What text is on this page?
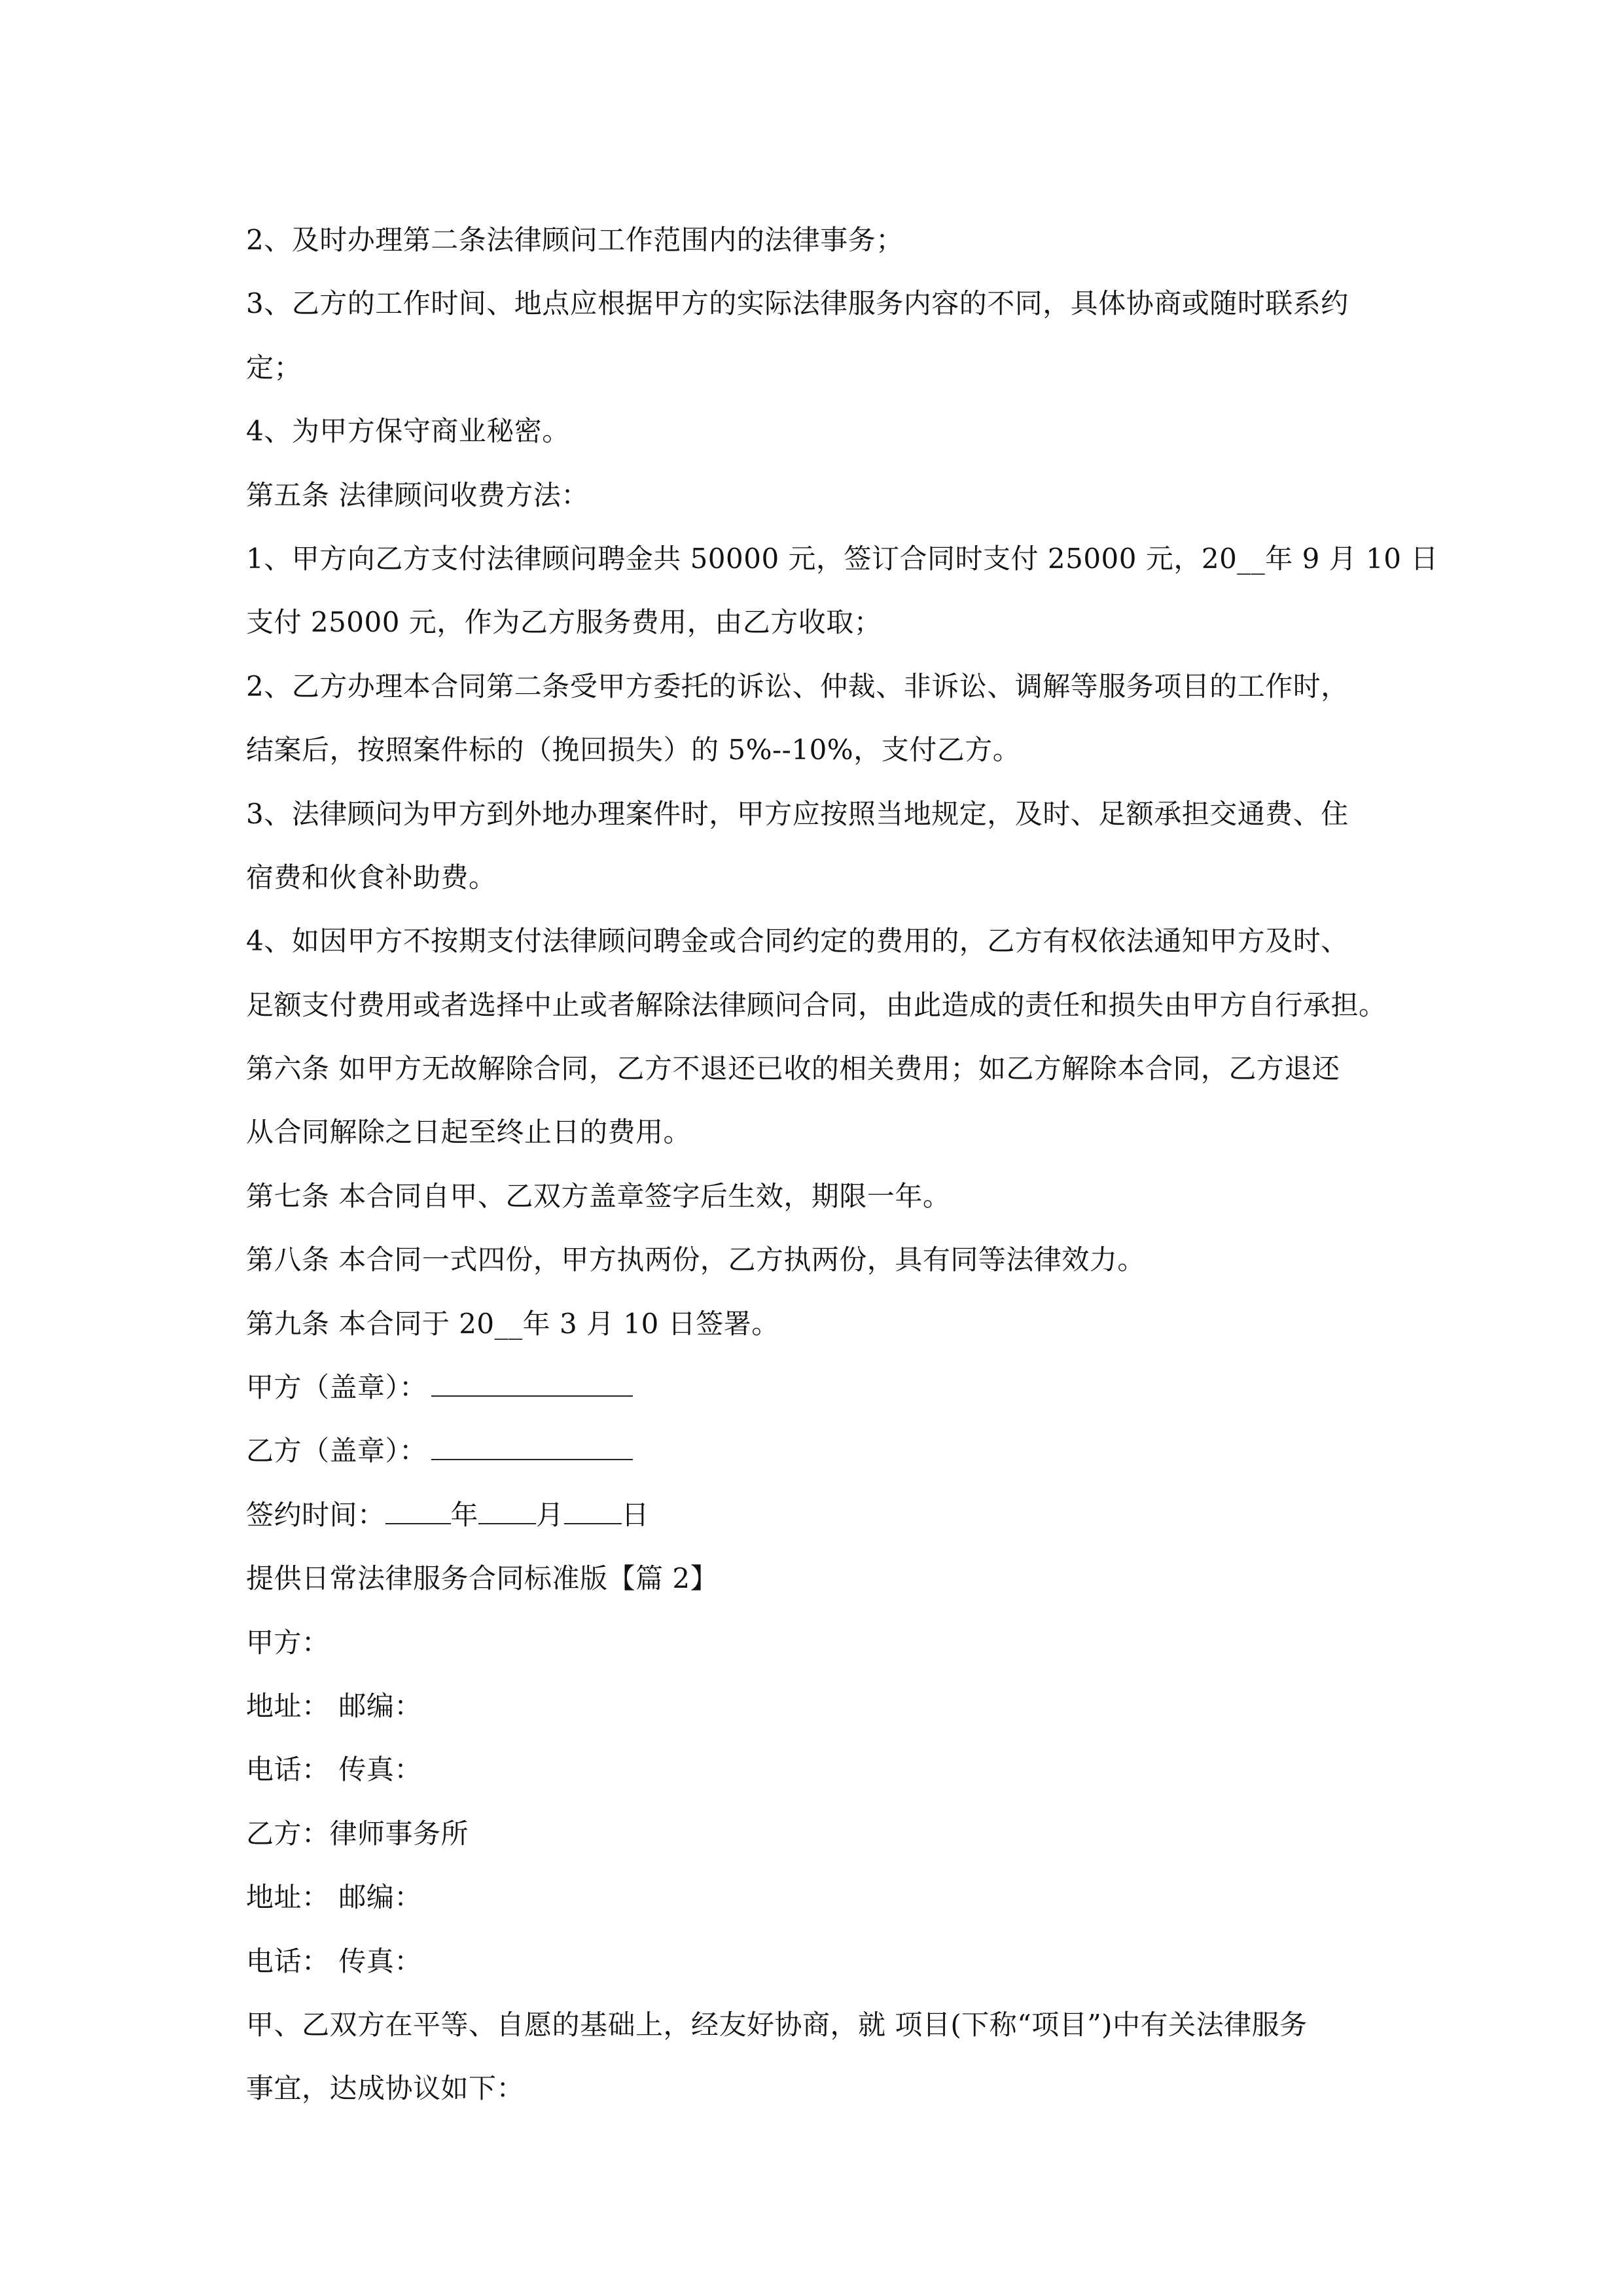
2、及时办理第二条法律顾问工作范围内的法律事务；
3、乙方的工作时间、地点应根据甲方的实际法律服务内容的不同，具体协商或随时联系约
定；
4、为甲方保守商业秘密。
第五条 法律顾问收费方法：
1、甲方向乙方支付法律顾问聘金共 50000 元，签订合同时支付 25000 元，20__年 9 月 10 日
支付 25000 元，作为乙方服务费用，由乙方收取；
2、乙方办理本合同第二条受甲方委托的诉讼、仲裁、非诉讼、调解等服务项目的工作时，
结案后，按照案件标的（挽回损失）的 5%--10%，支付乙方。
3、法律顾问为甲方到外地办理案件时，甲方应按照当地规定，及时、足额承担交通费、住
宿费和伙食补助费。
4、如因甲方不按期支付法律顾问聘金或合同约定的费用的，乙方有权依法通知甲方及时、
足额支付费用或者选择中止或者解除法律顾问合同，由此造成的责任和损失由甲方自行承担。
第六条 如甲方无故解除合同，乙方不退还已收的相关费用；如乙方解除本合同，乙方退还
从合同解除之日起至终止日的费用。
第七条 本合同自甲、乙双方盖章签字后生效，期限一年。
第八条 本合同一式四份，甲方执两份，乙方执两份，具有同等法律效力。
第九条 本合同于 20__年 3 月 10 日签署。
甲方（盖章）：
乙方（盖章）：
签约时间： 年 月 日
提供日常法律服务合同标准版【篇 2】
甲方：
地址： 邮编：
电话： 传真：
乙方：律师事务所
地址： 邮编：
电话： 传真：
甲、乙双方在平等、自愿的基础上，经友好协商，就 项目(下称“项目”)中有关法律服务
事宜，达成协议如下：
